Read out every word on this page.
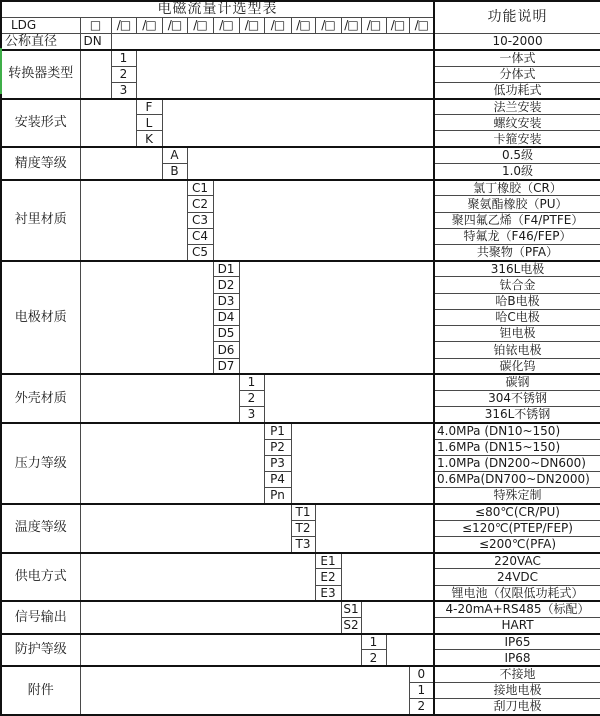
电磁流量计选型表															功能说明
LDG	□	/□	/□	/□	/□	/□	/□	/□	/□	/□	/□	/□	/□	/□	
公称直径	DN														10-2000
转换器类型		1													一体式
		2													分体式
		3													低功耗式
安装形式			F												法兰安装
			L												螺纹安装
			K												卡箍安装
精度等级				A											0.5级
				B											1.0级
衬里材质					C1										氯丁橡胶（CR）
					C2										聚氨酯橡胶（PU）
					C3										聚四氟乙烯（F4/PTFE）
					C4										特氟龙（F46/FEP）
					C5										共聚物（PFA）
电极材质						D1									316L电极
						D2									钛合金
						D3									哈B电极
						D4									哈C电极
						D5									钽电极
						D6									铂铱电极
						D7									碳化钨
外壳材质							1								碳钢
							2								304不锈钢
							3								316L不锈钢
压力等级								P1							4.0MPa (DN10~150)
								P2							1.6MPa (DN15~150)
								P3							1.0MPa (DN200~DN600)
								P4							0.6MPa(DN700~DN2000)
								Pn							特殊定制
温度等级									T1						≤80℃(CR/PU)
									T2						≤120℃(PTEP/FEP)
									T3						≤200℃(PFA)
供电方式										E1					220VAC
										E2					24VDC
										E3					锂电池（仅限低功耗式）
信号输出											S1				4-20mA+RS485（标配）
											S2				HART
防护等级												1			IP65
												2			IP68
附件														0	不接地
														1	接地电极
														2	刮刀电极
